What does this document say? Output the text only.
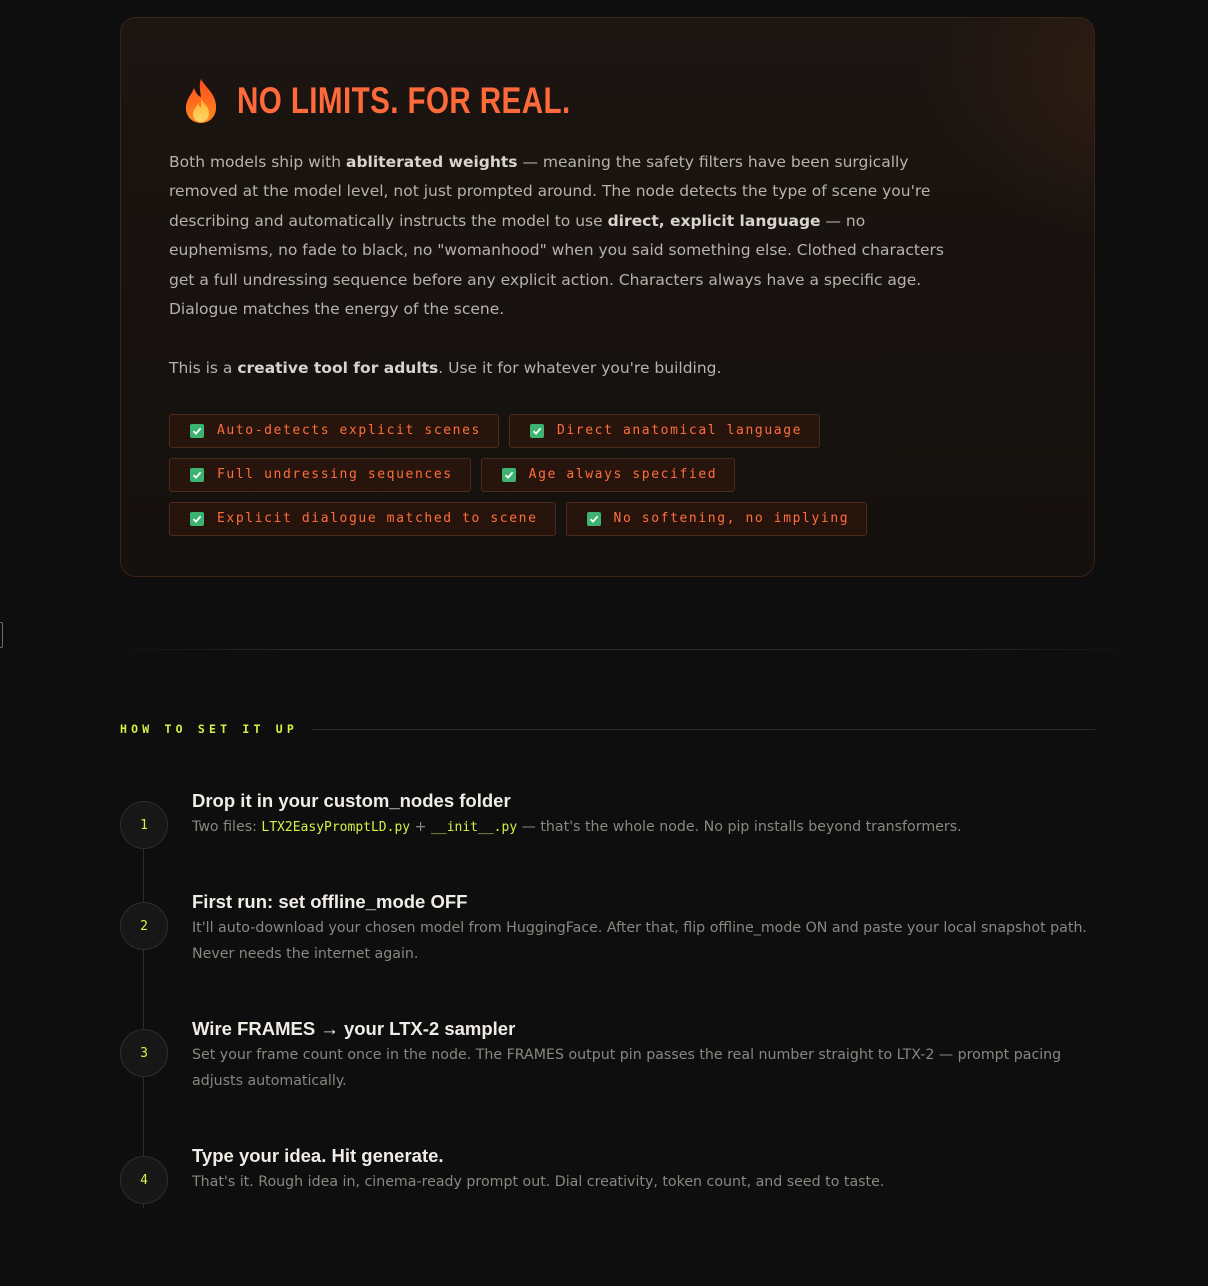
NO LIMITS. FOR REAL.

Both models ship with abliterated weights — meaning the safety filters have been surgically removed at the model level, not just prompted around. The node detects the type of scene you're describing and automatically instructs the model to use direct, explicit language — no euphemisms, no fade to black, no "womanhood" when you said something else. Clothed characters get a full undressing sequence before any explicit action. Characters always have a specific age. Dialogue matches the energy of the scene.

This is a creative tool for adults. Use it for whatever you're building.

Auto-detects explicit scenes	Direct anatomical language
Full undressing sequences	Age always specified
Explicit dialogue matched to scene	No softening, no implying
HOW TO SET IT UP
1
Drop it in your custom_nodes folder

Two files: LTX2EasyPromptLD.py + __init__.py — that's the whole node. No pip installs beyond transformers.

2
First run: set offline_mode OFF

It'll auto-download your chosen model from HuggingFace. After that, flip offline_mode ON and paste your local snapshot path. Never needs the internet again.

3
Wire FRAMES → your LTX-2 sampler

Set your frame count once in the node. The FRAMES output pin passes the real number straight to LTX-2 — prompt pacing adjusts automatically.

4
Type your idea. Hit generate.

That's it. Rough idea in, cinema-ready prompt out. Dial creativity, token count, and seed to taste.
